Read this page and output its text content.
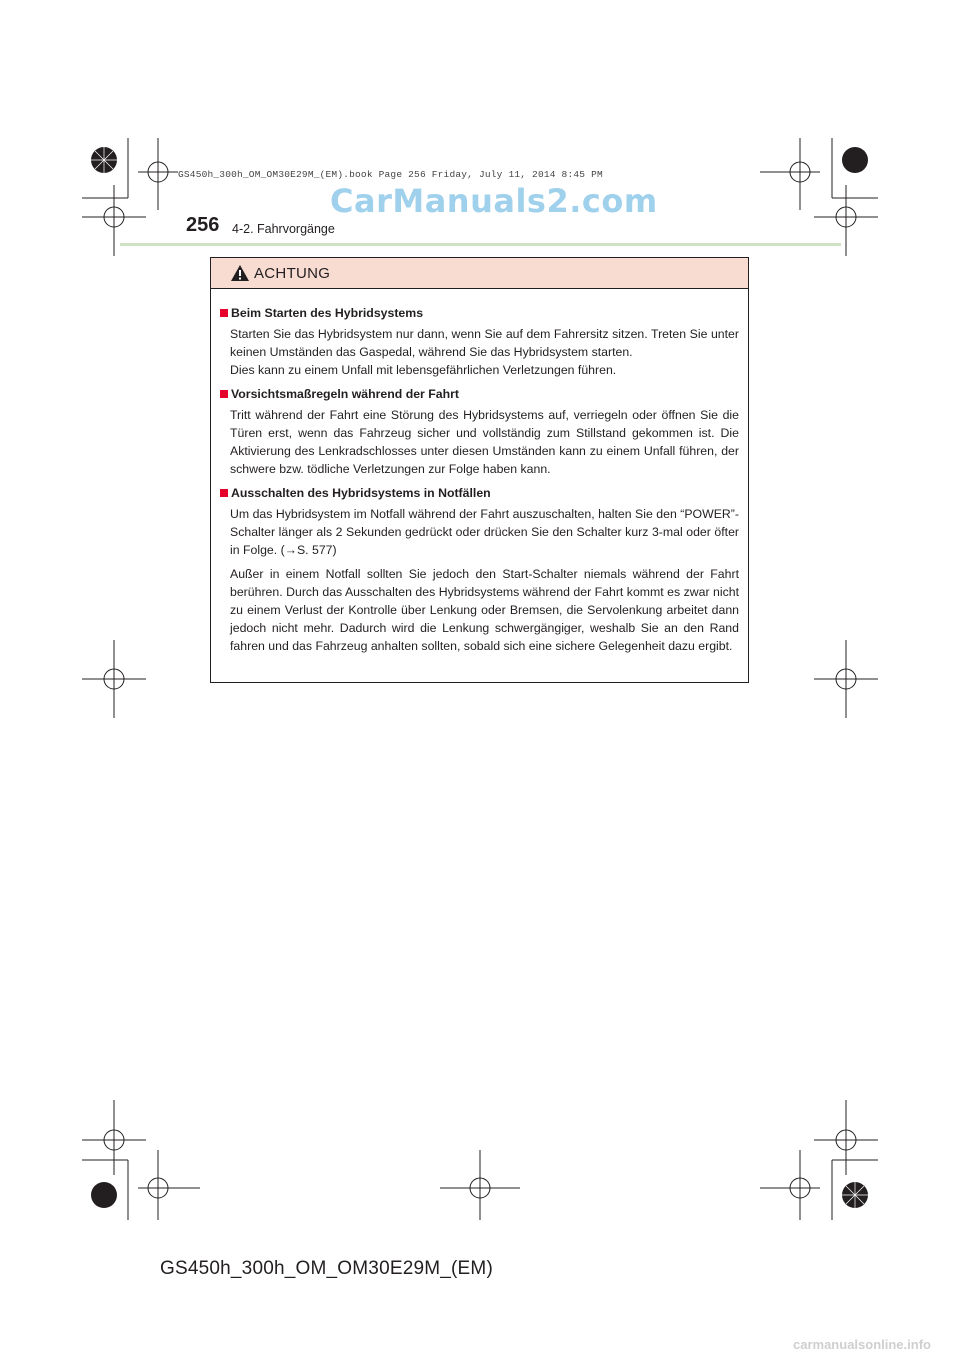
GS450h_300h_OM_OM30E29M_(EM).book Page 256 Friday, July 11, 2014 8:45 PM
CarManuals2.com
256 4-2. Fahrvorgänge
ACHTUNG
Beim Starten des Hybridsystems
Starten Sie das Hybridsystem nur dann, wenn Sie auf dem Fahrersitz sitzen. Treten Sie unter keinen Umständen das Gaspedal, während Sie das Hybridsystem starten.
Dies kann zu einem Unfall mit lebensgefährlichen Verletzungen führen.
Vorsichtsmaßregeln während der Fahrt
Tritt während der Fahrt eine Störung des Hybridsystems auf, verriegeln oder öffnen Sie die Türen erst, wenn das Fahrzeug sicher und vollständig zum Stillstand gekommen ist. Die Aktivierung des Lenkradschlosses unter diesen Umständen kann zu einem Unfall führen, der schwere bzw. tödliche Verletzungen zur Folge haben kann.
Ausschalten des Hybridsystems in Notfällen
Um das Hybridsystem im Notfall während der Fahrt auszuschalten, halten Sie den “POWER”-Schalter länger als 2 Sekunden gedrückt oder drücken Sie den Schalter kurz 3-mal oder öfter in Folge. (→S. 577)
Außer in einem Notfall sollten Sie jedoch den Start-Schalter niemals während der Fahrt berühren. Durch das Ausschalten des Hybridsystems während der Fahrt kommt es zwar nicht zu einem Verlust der Kontrolle über Lenkung oder Bremsen, die Servolenkung arbeitet dann jedoch nicht mehr. Dadurch wird die Lenkung schwergängiger, weshalb Sie an den Rand fahren und das Fahrzeug anhalten sollten, sobald sich eine sichere Gelegenheit dazu ergibt.
GS450h_300h_OM_OM30E29M_(EM)
carmanualsonline.info
